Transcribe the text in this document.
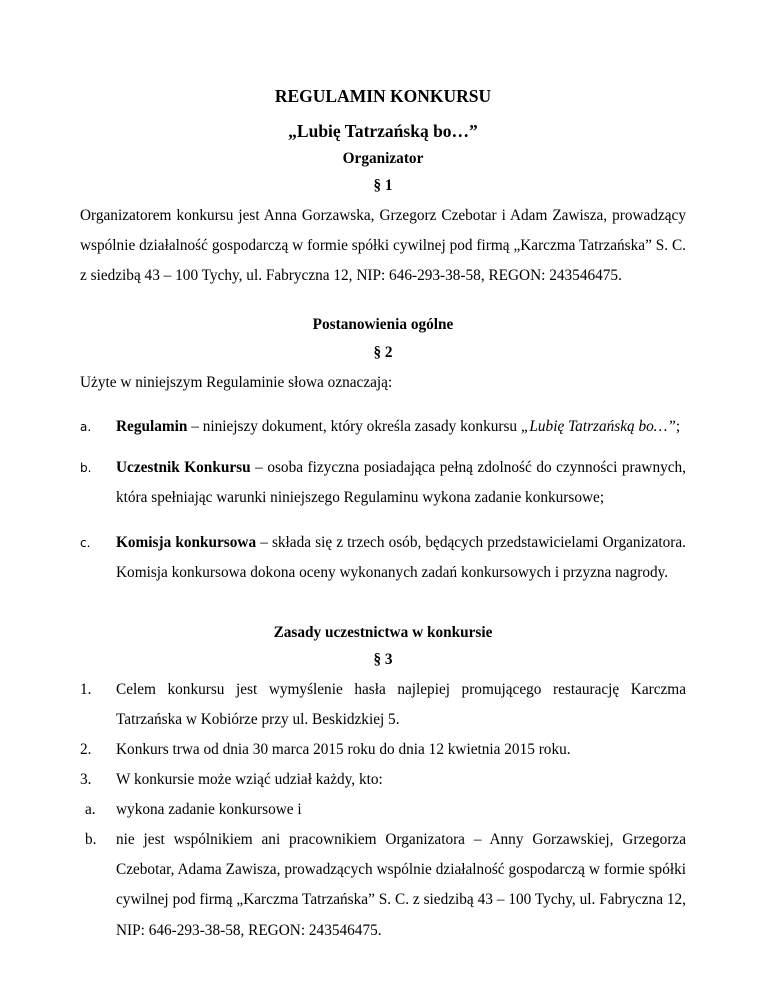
REGULAMIN KONKURSU
„Lubię Tatrzańską bo…”
Organizator
§ 1
Organizatorem konkursu jest Anna Gorzawska, Grzegorz Czebotar i Adam Zawisza, prowadzący wspólnie działalność gospodarczą w formie spółki cywilnej pod firmą „Karczma Tatrzańska” S. C. z siedzibą 43 – 100 Tychy, ul. Fabryczna 12, NIP: 646-293-38-58, REGON: 243546475.
Postanowienia ogólne
§ 2
Użyte w niniejszym Regulaminie słowa oznaczają:
a. Regulamin – niniejszy dokument, który określa zasady konkursu „Lubię Tatrzańską bo…”;
b. Uczestnik Konkursu – osoba fizyczna posiadająca pełną zdolność do czynności prawnych, która spełniając warunki niniejszego Regulaminu wykona zadanie konkursowe;
c. Komisja konkursowa – składa się z trzech osób, będących przedstawicielami Organizatora. Komisja konkursowa dokona oceny wykonanych zadań konkursowych i przyzna nagrody.
Zasady uczestnictwa w konkursie
§ 3
1. Celem konkursu jest wymyślenie hasła najlepiej promującego restaurację Karczma Tatrzańska w Kobiórze przy ul. Beskidzkiej 5.
2. Konkurs trwa od dnia 30 marca 2015 roku do dnia 12 kwietnia 2015 roku.
3. W konkursie może wziąć udział każdy, kto:
a. wykona zadanie konkursowe i
b. nie jest wspólnikiem ani pracownikiem Organizatora – Anny Gorzawskiej, Grzegorza Czebotar, Adama Zawisza, prowadzących wspólnie działalność gospodarczą w formie spółki cywilnej pod firmą „Karczma Tatrzańska” S. C. z siedzibą 43 – 100 Tychy, ul. Fabryczna 12, NIP: 646-293-38-58, REGON: 243546475.
